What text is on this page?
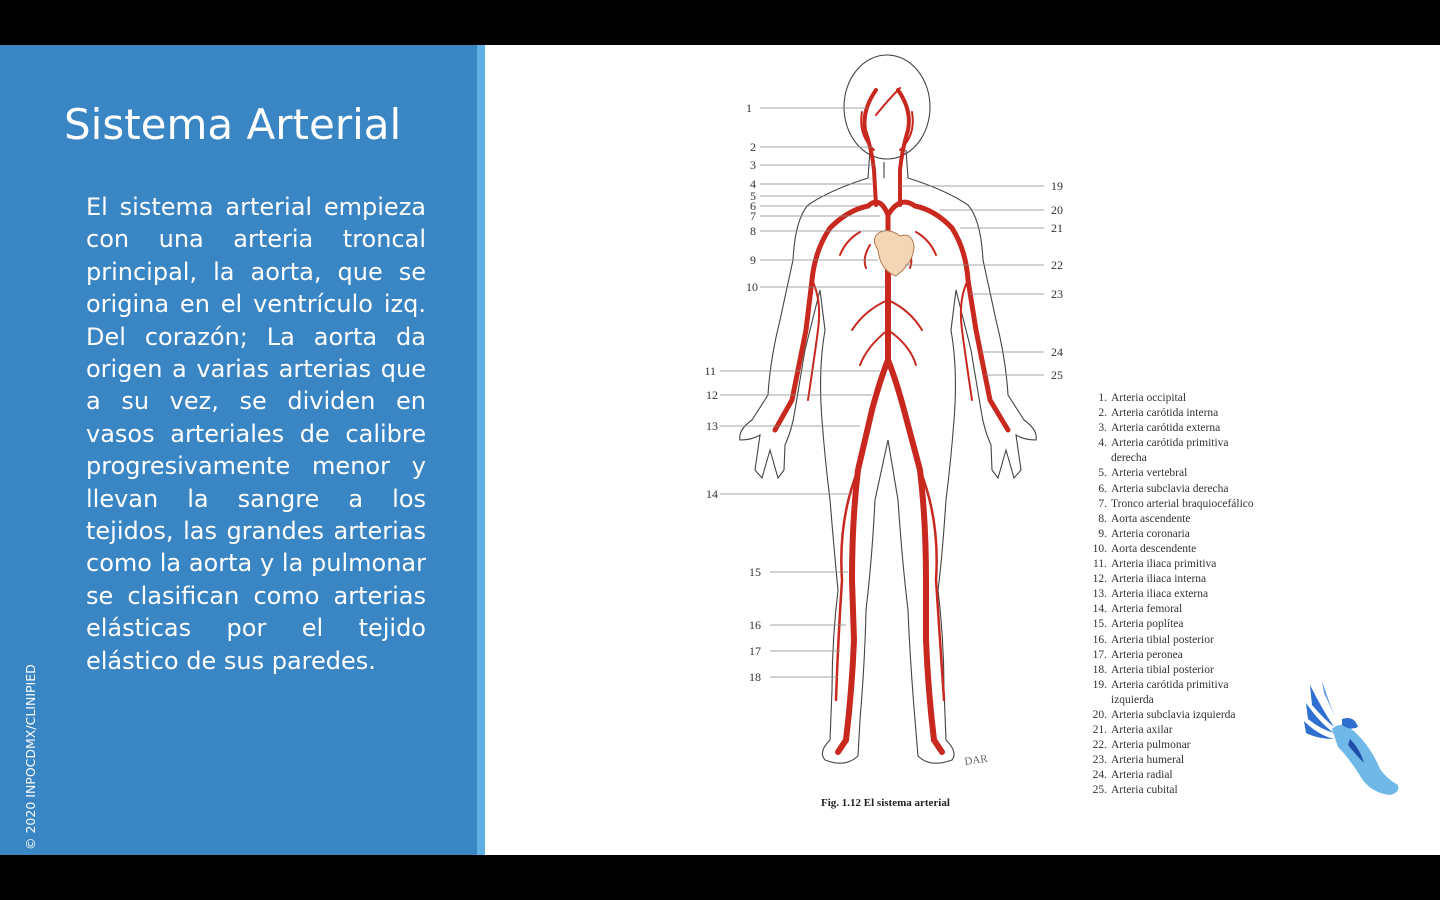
Sistema Arterial

El sistema arterial empieza con una arteria troncal principal, la aorta, que se origina en el ventrículo izq. Del corazón; La aorta da origen a varias arterias que a su vez, se dividen en vasos arteriales de calibre progresivamente menor y llevan la sangre a los tejidos, las grandes arterias como la aorta y la pulmonar se clasifican como arterias elásticas por el tejido elástico de sus paredes.

© 2020 INPOCDMX/CLINIPIED
1
2
3
4
5
6
7
8
9
10
11
12
13
14
15
16
17
18
19
20
21
22
23
24
25
DAR
Fig. 1.12 El sistema arterial
1. Arteria occipital
2. Arteria carótida interna
3. Arteria carótida externa
4. Arteria carótida primitiva
derecha
5. Arteria vertebral
6. Arteria subclavia derecha
7. Tronco arterial braquiocefálico
8. Aorta ascendente
9. Arteria coronaria
10. Aorta descendente
11. Arteria iliaca primitiva
12. Arteria iliaca interna
13. Arteria iliaca externa
14. Arteria femoral
15. Arteria poplítea
16. Arteria tibial posterior
17. Arteria peronea
18. Arteria tibial posterior
19. Arteria carótida primitiva
izquierda
20. Arteria subclavia izquierda
21. Arteria axilar
22. Arteria pulmonar
23. Arteria humeral
24. Arteria radial
25. Arteria cubital
